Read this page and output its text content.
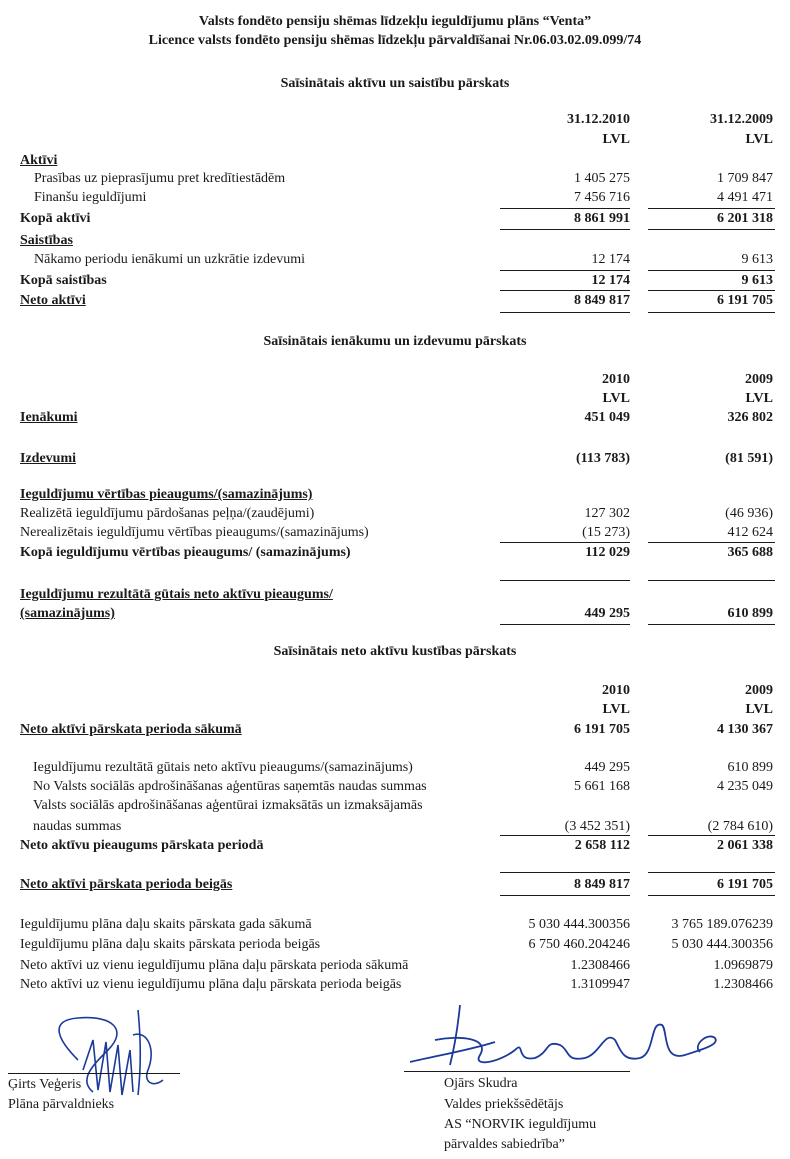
Valsts fondēto pensiju shēmas līdzekļu ieguldījumu plāns “Venta”
Licence valsts fondēto pensiju shēmas līdzekļu pārvaldīšanai Nr.06.03.02.09.099/74
Saīsinātais aktīvu un saistību pārskats
31.12.2010	31.12.2009
LVL	LVL
Aktīvi
Prasības uz pieprasījumu pret kredītiestādēm	1 405 275	1 709 847
Finanšu ieguldījumi	7 456 716	4 491 471
Kopā aktīvi	8 861 991	6 201 318
Saistības
Nākamo periodu ienākumi un uzkrātie izdevumi	12 174	9 613
Kopā saistības	12 174	9 613
Neto aktīvi	8 849 817	6 191 705
Saīsinātais ienākumu un izdevumu pārskats
2010	2009
LVL	LVL
Ienākumi	451 049	326 802
Izdevumi	(113 783)	(81 591)
Ieguldījumu vērtības pieaugums/(samazinājums)
Realizētā ieguldījumu pārdošanas peļņa/(zaudējumi)	127 302	(46 936)
Nerealizētais ieguldījumu vērtības pieaugums/(samazinājums)	(15 273)	412 624
Kopā ieguldījumu vērtības pieaugums/ (samazinājums)	112 029	365 688
Ieguldījumu rezultātā gūtais neto aktīvu pieaugums/
(samazinājums)	449 295	610 899
Saīsinātais neto aktīvu kustības pārskats
2010	2009
LVL	LVL
Neto aktīvi pārskata perioda sākumā	6 191 705	4 130 367
Ieguldījumu rezultātā gūtais neto aktīvu pieaugums/(samazinājums)	449 295	610 899
No Valsts sociālās apdrošināšanas aģentūras saņemtās naudas summas	5 661 168	4 235 049
Valsts sociālās apdrošināšanas aģentūrai izmaksātās un izmaksājamās
naudas summas	(3 452 351)	(2 784 610)
Neto aktīvu pieaugums pārskata periodā	2 658 112	2 061 338
Neto aktīvi pārskata perioda beigās	8 849 817	6 191 705
Ieguldījumu plāna daļu skaits pārskata gada sākumā	5 030 444.300356	3 765 189.076239
Ieguldījumu plāna daļu skaits pārskata perioda beigās	6 750 460.204246	5 030 444.300356
Neto aktīvi uz vienu ieguldījumu plāna daļu pārskata perioda sākumā	1.2308466	1.0969879
Neto aktīvi uz vienu ieguldījumu plāna daļu pārskata perioda beigās	1.3109947	1.2308466
Ģirts Veģeris
Plāna pārvaldnieks
Ojārs Skudra
Valdes priekšsēdētājs
AS “NORVIK ieguldījumu
pārvaldes sabiedrība”
